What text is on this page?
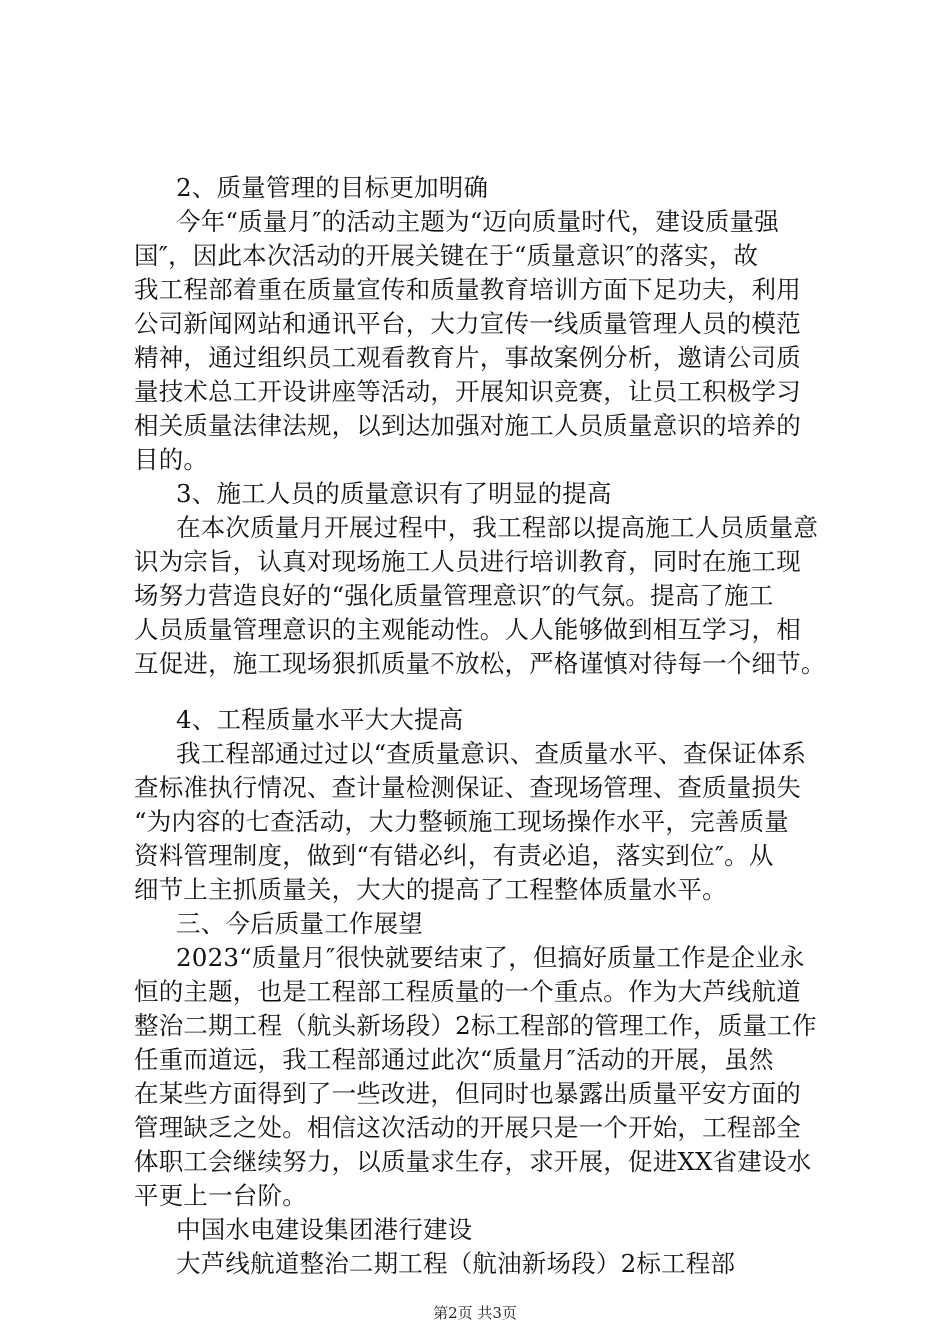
2、质量管理的目标更加明确
今年“质量月″的活动主题为“迈向质量时代，建设质量强
国″，因此本次活动的开展关键在于“质量意识″的落实，故
我工程部着重在质量宣传和质量教育培训方面下足功夫，利用
公司新闻网站和通讯平台，大力宣传一线质量管理人员的模范
精神，通过组织员工观看教育片，事故案例分析，邀请公司质
量技术总工开设讲座等活动，开展知识竞赛，让员工积极学习
相关质量法律法规，以到达加强对施工人员质量意识的培养的
目的。
3、施工人员的质量意识有了明显的提高
在本次质量月开展过程中，我工程部以提高施工人员质量意
识为宗旨，认真对现场施工人员进行培训教育，同时在施工现
场努力营造良好的“强化质量管理意识″的气氛。提高了施工
人员质量管理意识的主观能动性。人人能够做到相互学习，相
互促进，施工现场狠抓质量不放松，严格谨慎对待每一个细节。
4、工程质量水平大大提高
我工程部通过过以“查质量意识、查质量水平、查保证体系
查标准执行情况、查计量检测保证、查现场管理、查质量损失
“为内容的七查活动，大力整顿施工现场操作水平，完善质量
资料管理制度，做到“有错必纠，有责必追，落实到位″。从
细节上主抓质量关，大大的提高了工程整体质量水平。
三、今后质量工作展望
2023“质量月″很快就要结束了，但搞好质量工作是企业永
恒的主题，也是工程部工程质量的一个重点。作为大芦线航道
整治二期工程（航头新场段）2标工程部的管理工作，质量工作
任重而道远，我工程部通过此次“质量月″活动的开展，虽然
在某些方面得到了一些改进，但同时也暴露出质量平安方面的
管理缺乏之处。相信这次活动的开展只是一个开始，工程部全
体职工会继续努力，以质量求生存，求开展，促进XX省建设水
平更上一台阶。
中国水电建设集团港行建设
大芦线航道整治二期工程（航油新场段）2标工程部
第2页 共3页
